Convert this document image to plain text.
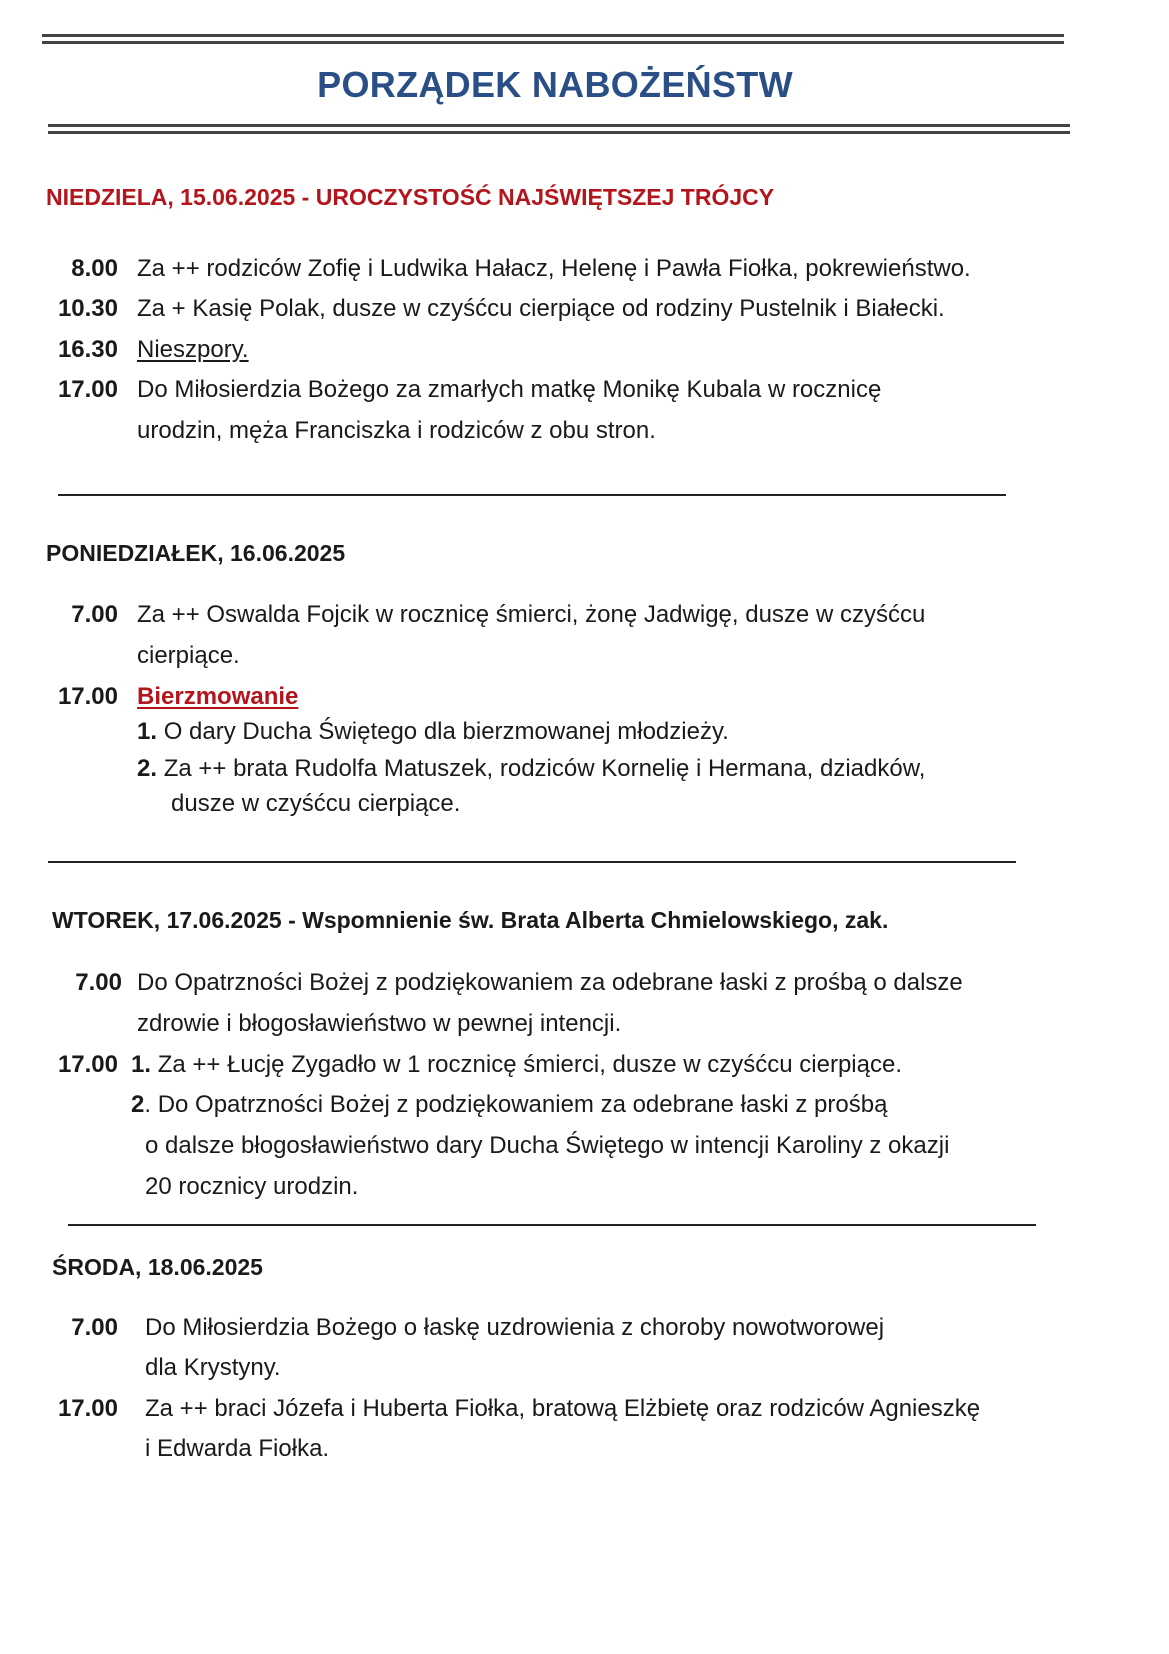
PORZĄDEK NABOŻEŃSTW
NIEDZIELA, 15.06.2025 - UROCZYSTOŚĆ NAJŚWIĘTSZEJ TRÓJCY
8.00 Za ++ rodziców Zofię i Ludwika Hałacz, Helenę i Pawła Fiołka, pokrewieństwo.
10.30 Za + Kasię Polak, dusze w czyśćcu cierpiące od rodziny Pustelnik i Białecki.
16.30 Nieszpory.
17.00 Do Miłosierdzia Bożego za zmarłych matkę Monikę Kubala w rocznicę
urodzin, męża Franciszka i rodziców z obu stron.
PONIEDZIAŁEK, 16.06.2025
7.00 Za ++ Oswalda Fojcik w rocznicę śmierci, żonę Jadwigę, dusze w czyśćcu
cierpiące.
17.00 Bierzmowanie
1. O dary Ducha Świętego dla bierzmowanej młodzieży.
2. Za ++ brata Rudolfa Matuszek, rodziców Kornelię i Hermana, dziadków,
dusze w czyśćcu cierpiące.
WTOREK, 17.06.2025 - Wspomnienie św. Brata Alberta Chmielowskiego, zak.
7.00 Do Opatrzności Bożej z podziękowaniem za odebrane łaski z prośbą o dalsze
zdrowie i błogosławieństwo w pewnej intencji.
17.00 1. Za ++ Łucję Zygadło w 1 rocznicę śmierci, dusze w czyśćcu cierpiące.
2. Do Opatrzności Bożej z podziękowaniem za odebrane łaski z prośbą
o dalsze błogosławieństwo dary Ducha Świętego w intencji Karoliny z okazji
20 rocznicy urodzin.
ŚRODA, 18.06.2025
7.00 Do Miłosierdzia Bożego o łaskę uzdrowienia z choroby nowotworowej
dla Krystyny.
17.00 Za ++ braci Józefa i Huberta Fiołka, bratową Elżbietę oraz rodziców Agnieszkę
i Edwarda Fiołka.
